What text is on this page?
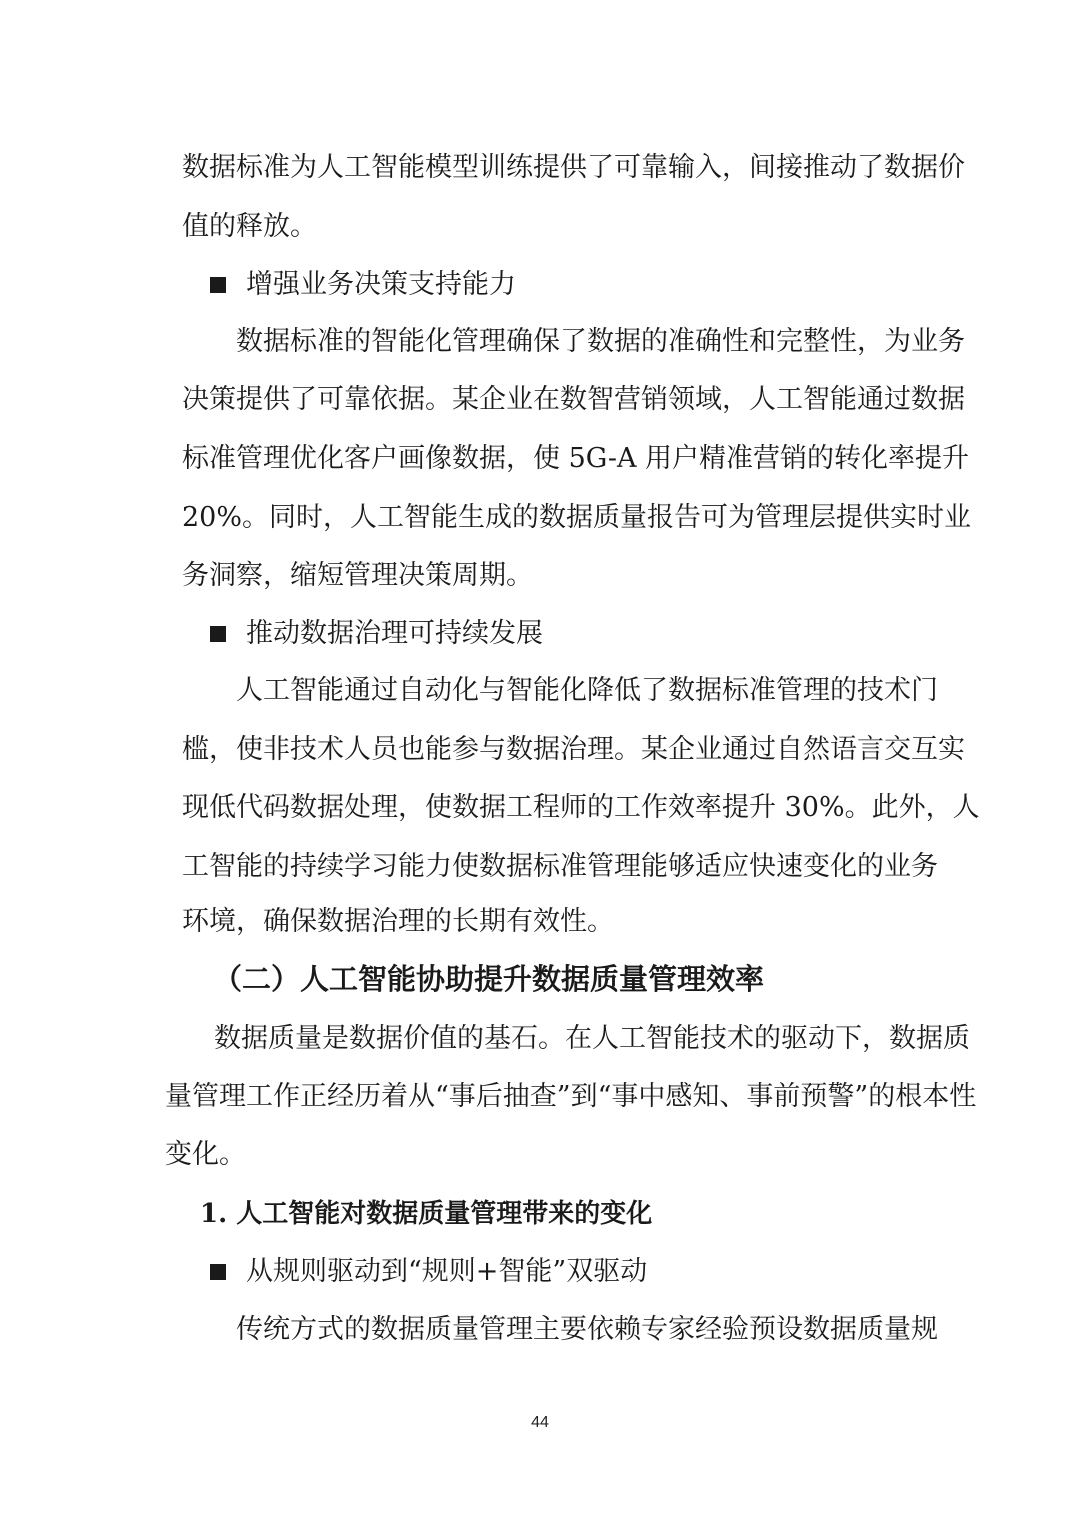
数据标准为人工智能模型训练提供了可靠输入，间接推动了数据价
值的释放。
增强业务决策支持能力
数据标准的智能化管理确保了数据的准确性和完整性，为业务
决策提供了可靠依据。某企业在数智营销领域，人工智能通过数据
标准管理优化客户画像数据，使 5G-A 用户精准营销的转化率提升
20%。同时，人工智能生成的数据质量报告可为管理层提供实时业
务洞察，缩短管理决策周期。
推动数据治理可持续发展
人工智能通过自动化与智能化降低了数据标准管理的技术门
槛，使非技术人员也能参与数据治理。某企业通过自然语言交互实
现低代码数据处理，使数据工程师的工作效率提升 30%。此外，人
工智能的持续学习能力使数据标准管理能够适应快速变化的业务
环境，确保数据治理的长期有效性。
（二）人工智能协助提升数据质量管理效率
数据质量是数据价值的基石。在人工智能技术的驱动下，数据质
量管理工作正经历着从“事后抽查”到“事中感知、事前预警”的根本性
变化。
1. 人工智能对数据质量管理带来的变化
从规则驱动到“规则+智能”双驱动
传统方式的数据质量管理主要依赖专家经验预设数据质量规
44
